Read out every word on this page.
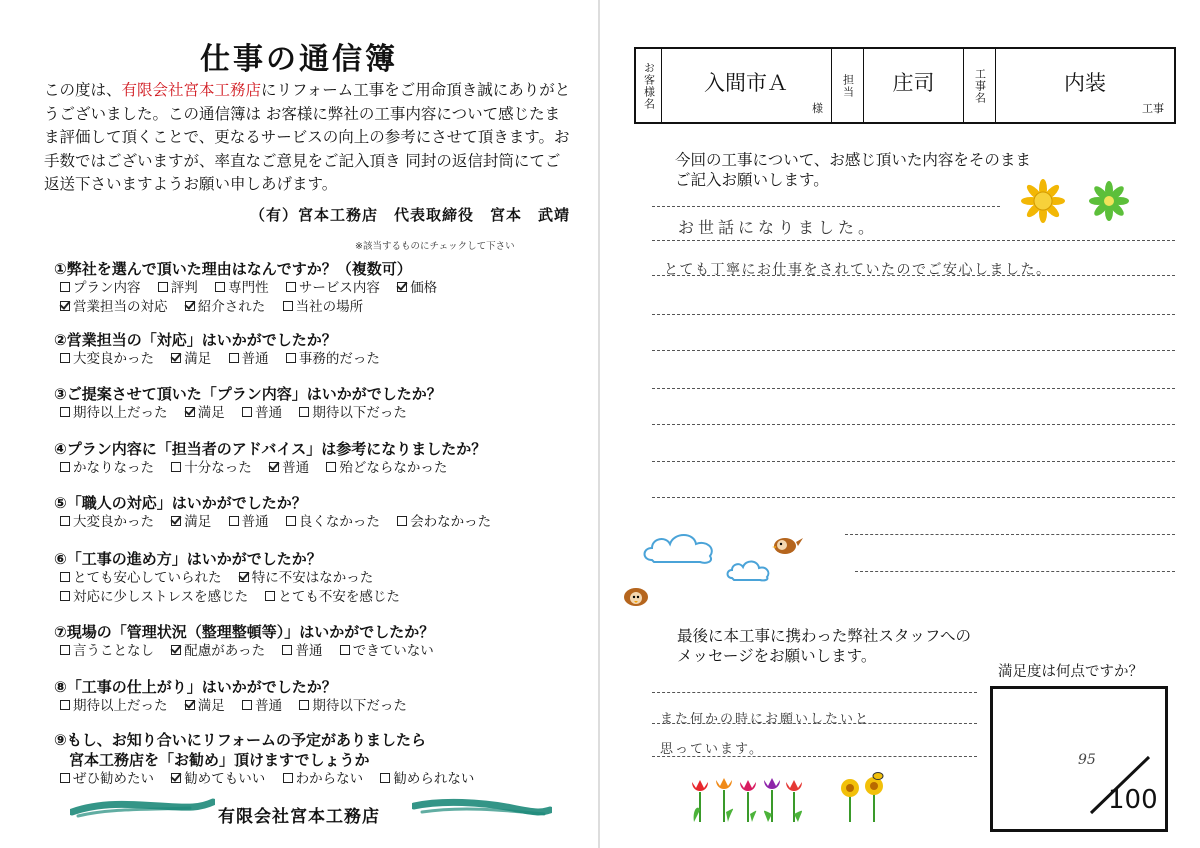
仕事の通信簿

この度は、有限会社宮本工務店にリフォーム工事をご用命頂き誠にありがとうございました。この通信簿は お客様に弊社の工事内容について感じたまま評価して頂くことで、更なるサービスの向上の参考にさせて頂きます。お手数ではございますが、率直なご意見をご記入頂き 同封の返信封筒にてご返送下さいますようお願い申しあげます。

（有）宮本工務店　代表取締役　宮本　武靖
※該当するものにチェックして下さい
①弊社を選んで頂いた理由はなんですか？（複数可）
プラン内容 評判 専門性 サービス内容 価格 営業担当の対応 紹介された 当社の場所
②営業担当の「対応」はいかがでしたか？
大変良かった 満足 普通 事務的だった
③ご提案させて頂いた「プラン内容」はいかがでしたか？
期待以上だった 満足 普通 期待以下だった
④プラン内容に「担当者のアドバイス」は参考になりましたか？
かなりなった 十分なった 普通 殆どならなかった
⑤「職人の対応」はいかがでしたか？
大変良かった 満足 普通 良くなかった 会わなかった
⑥「工事の進め方」はいかがでしたか？
とても安心していられた 特に不安はなかった 対応に少しストレスを感じた とても不安を感じた
⑦現場の「管理状況（整理整頓等）」はいかがでしたか？
言うことなし 配慮があった 普通 できていない
⑧「工事の仕上がり」はいかがでしたか？
期待以上だった 満足 普通 期待以下だった
⑨もし、お知り合いにリフォームの予定がありましたら
　宮本工務店を「お勧め」頂けますでしょうか
ぜひ勧めたい 勧めてもいい わからない 勧められない
有限会社宮本工務店
お客様名	入間市Ａ
様
担当	庄司	工事名	内装
工事
今回の工事について、お感じ頂いた内容をそのまま
ご記入お願いします。
お世話になりました。
とても丁寧にお仕事をされていたのでご安心しました。
最後に本工事に携わった弊社スタッフへの
メッセージをお願いします。
また何かの時にお願いしたいと
思っています。
満足度は何点ですか？
95
100
